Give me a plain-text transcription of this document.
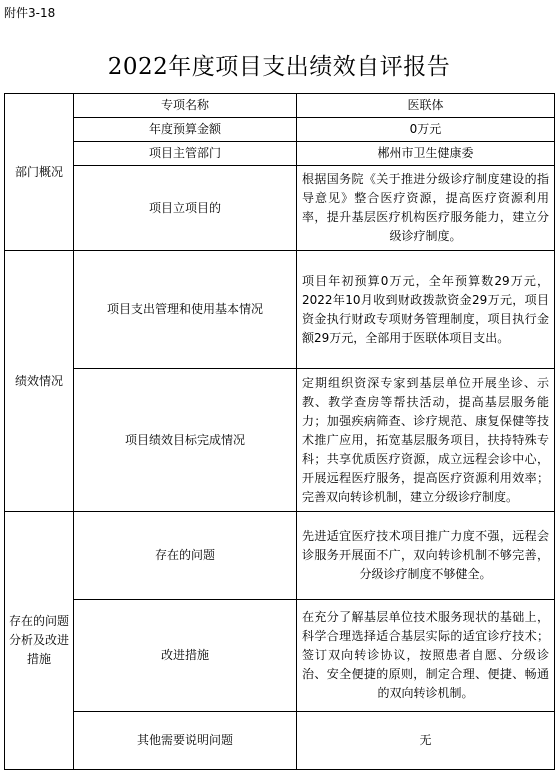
附件3-18
2022年度项目支出绩效自评报告
部门概况	专项名称	医联体
	年度预算金额	0万元
	项目主管部门	郴州市卫生健康委
	项目立项目的	根据国务院《关于推进分级诊疗制度建设的指导意见》整合医疗资源，提高医疗资源利用率，提升基层医疗机构医疗服务能力，建立分级诊疗制度。
绩效情况	项目支出管理和使用基本情况	项目年初预算0万元，全年预算数29万元，2022年10月收到财政拨款资金29万元，项目资金执行财政专项财务管理制度，项目执行金额29万元，全部用于医联体项目支出。
	项目绩效目标完成情况	定期组织资深专家到基层单位开展坐诊、示教、教学查房等帮扶活动，提高基层服务能力；加强疾病筛查、诊疗规范、康复保健等技术推广应用，拓宽基层服务项目，扶持特殊专科；共享优质医疗资源，成立远程会诊中心，开展远程医疗服务，提高医疗资源利用效率；完善双向转诊机制，建立分级诊疗制度。
存在的问题分析及改进措施	存在的问题	先进适宜医疗技术项目推广力度不强，远程会诊服务开展面不广，双向转诊机制不够完善，分级诊疗制度不够健全。
	改进措施	在充分了解基层单位技术服务现状的基础上，科学合理选择适合基层实际的适宜诊疗技术；签订双向转诊协议，按照患者自愿、分级诊治、安全便捷的原则，制定合理、便捷、畅通的双向转诊机制。
	其他需要说明问题	无
